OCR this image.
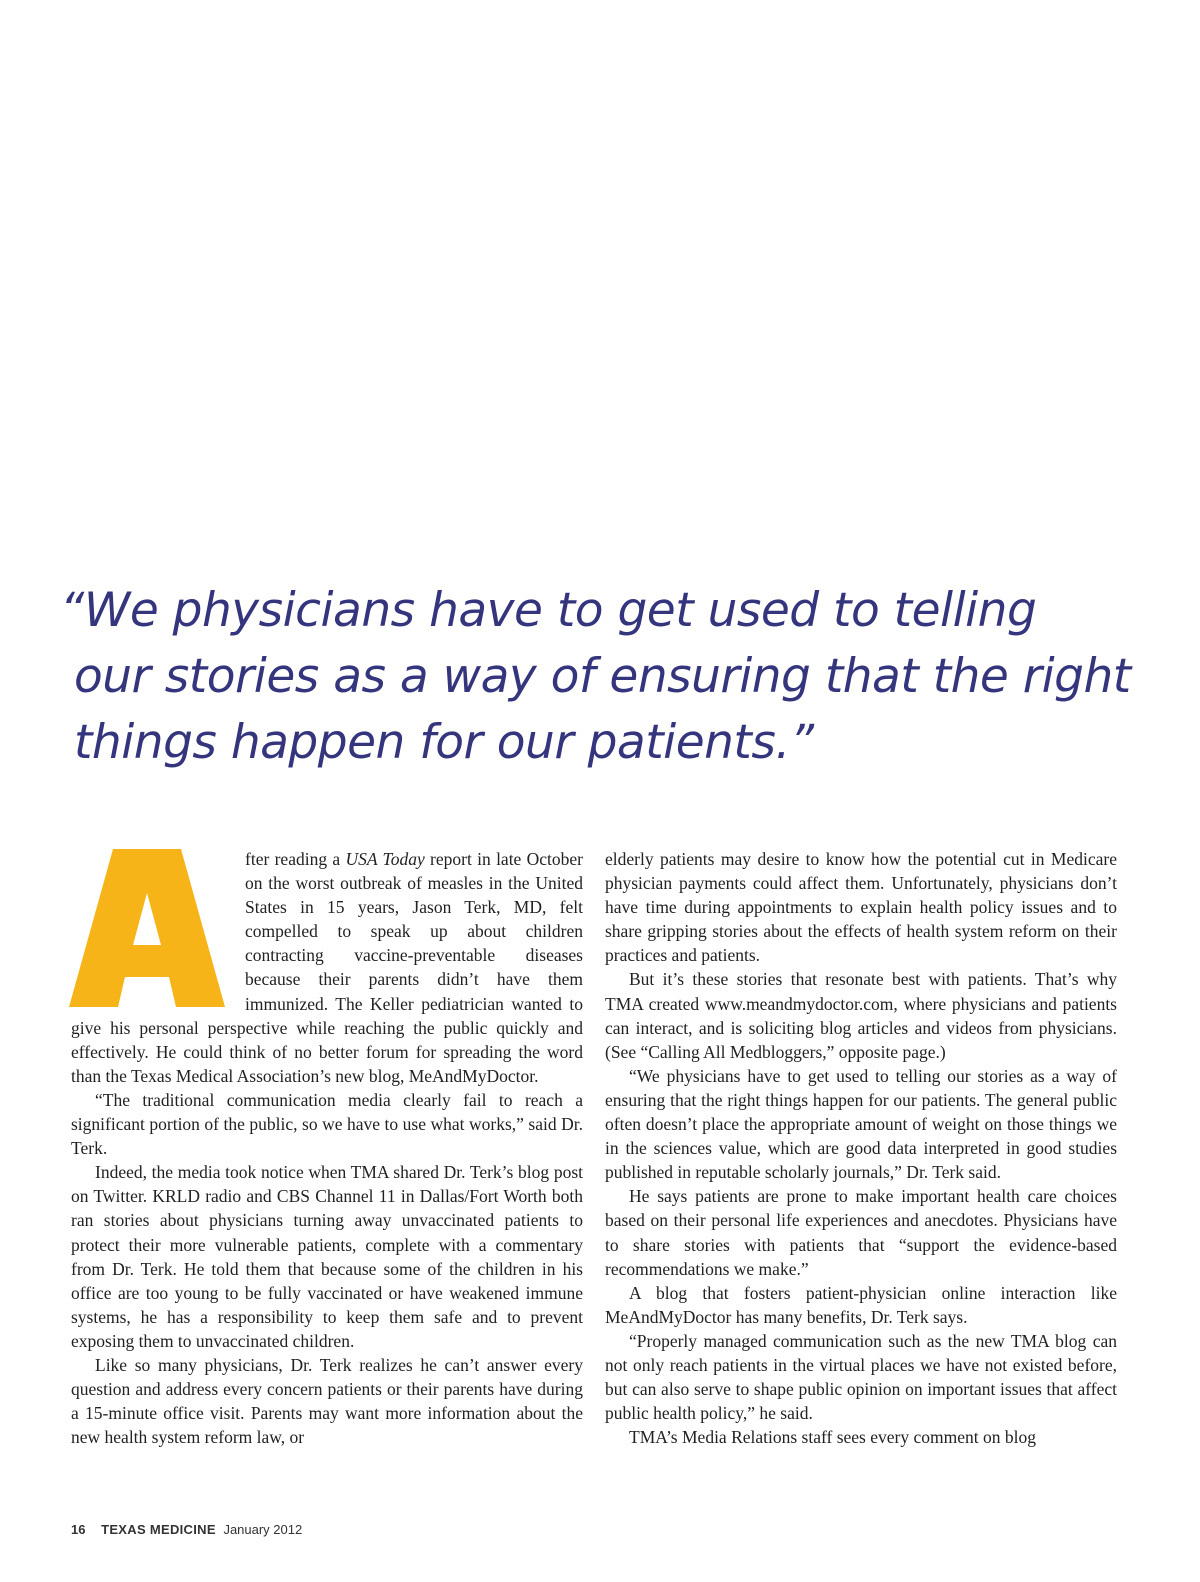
“We physicians have to get used to telling
our stories as a way of ensuring that the right
things happen for our patients.”

fter reading a USA Today report in late October on the worst outbreak of measles in the United States in 15 years, Jason Terk, MD, felt compelled to speak up about children contracting vaccine-preventable diseases because their parents didn’t have them immunized. The Keller pediatrician wanted to give his personal perspective while reaching the public quickly and effectively. He could think of no better forum for spreading the word than the Texas Medical Association’s new blog, MeAndMyDoctor.

“The traditional communication media clearly fail to reach a significant portion of the public, so we have to use what works,” said Dr. Terk.

Indeed, the media took notice when TMA shared Dr. Terk’s blog post on Twitter. KRLD radio and CBS Channel 11 in Dallas/Fort Worth both ran stories about physicians turning away unvaccinated patients to protect their more vulnerable patients, complete with a commentary from Dr. Terk. He told them that because some of the children in his office are too young to be fully vaccinated or have weakened immune systems, he has a responsibility to keep them safe and to prevent exposing them to unvaccinated children.

Like so many physicians, Dr. Terk realizes he can’t answer every question and address every concern patients or their parents have during a 15-minute office visit. Parents may want more information about the new health system reform law, or

elderly patients may desire to know how the potential cut in Medicare physician payments could affect them. Unfortunately, physicians don’t have time during appointments to explain health policy issues and to share gripping stories about the effects of health system reform on their practices and patients.

But it’s these stories that resonate best with patients. That’s why TMA created www.meandmydoctor.com, where physicians and patients can interact, and is soliciting blog articles and videos from physicians. (See “Calling All Medbloggers,” opposite page.)

“We physicians have to get used to telling our stories as a way of ensuring that the right things happen for our patients. The general public often doesn’t place the appropriate amount of weight on those things we in the sciences value, which are good data interpreted in good studies published in reputable scholarly journals,” Dr. Terk said.

He says patients are prone to make important health care choices based on their personal life experiences and anecdotes. Physicians have to share stories with patients that “support the evidence-based recommendations we make.”

A blog that fosters patient-physician online interaction like MeAndMyDoctor has many benefits, Dr. Terk says.

“Properly managed communication such as the new TMA blog can not only reach patients in the virtual places we have not existed before, but can also serve to shape public opinion on important issues that affect public health policy,” he said.

TMA’s Media Relations staff sees every comment on blog

16 TEXAS MEDICINE January 2012
